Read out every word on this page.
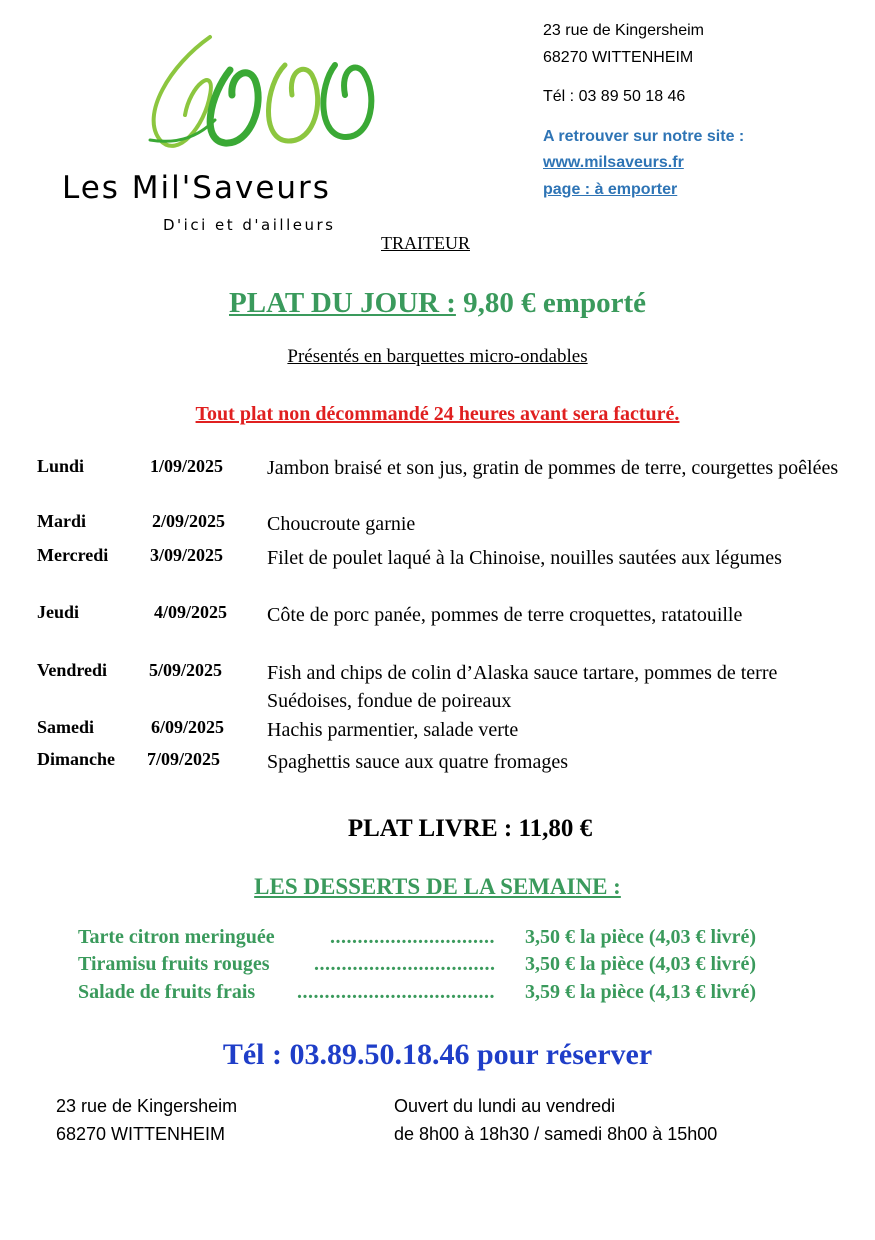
Les Mil'Saveurs
D'ici et d'ailleurs
23 rue de Kingersheim
68270 WITTENHEIM
Tél : 03 89 50 18 46
A retrouver sur notre site :
www.milsaveurs.fr
page : à emporter
TRAITEUR
PLAT DU JOUR : 9,80 € emporté
Présentés en barquettes micro-ondables
Tout plat non décommandé 24 heures avant sera facturé.
Lundi	1/09/2025 Jambon braisé et son jus, gratin de pommes de terre, courgettes poêlées
Mardi	2/09/2025 Choucroute garnie
Mercredi 3/09/2025 Filet de poulet laqué à la Chinoise, nouilles sautées aux légumes
Jeudi	4/09/2025 Côte de porc panée, pommes de terre croquettes, ratatouille
Vendredi 5/09/2025 Fish and chips de colin d’Alaska sauce tartare, pommes de terre Suédoises, fondue de poireaux
Samedi	6/09/2025 Hachis parmentier, salade verte
Dimanche 7/09/2025 Spaghettis sauce aux quatre fromages
PLAT LIVRE : 11,80 €
LES DESSERTS DE LA SEMAINE :
Tarte citron meringuée	.............................. 3,50 € la pièce (4,03 € livré)
Tiramisu fruits rouges ................................. 3,50 € la pièce (4,03 € livré)
Salade de fruits frais .................................... 3,59 € la pièce (4,13 € livré)
Tél : 03.89.50.18.46 pour réserver
23 rue de Kingersheim
68270 WITTENHEIM
Ouvert du lundi au vendredi
de 8h00 à 18h30 / samedi 8h00 à 15h00
